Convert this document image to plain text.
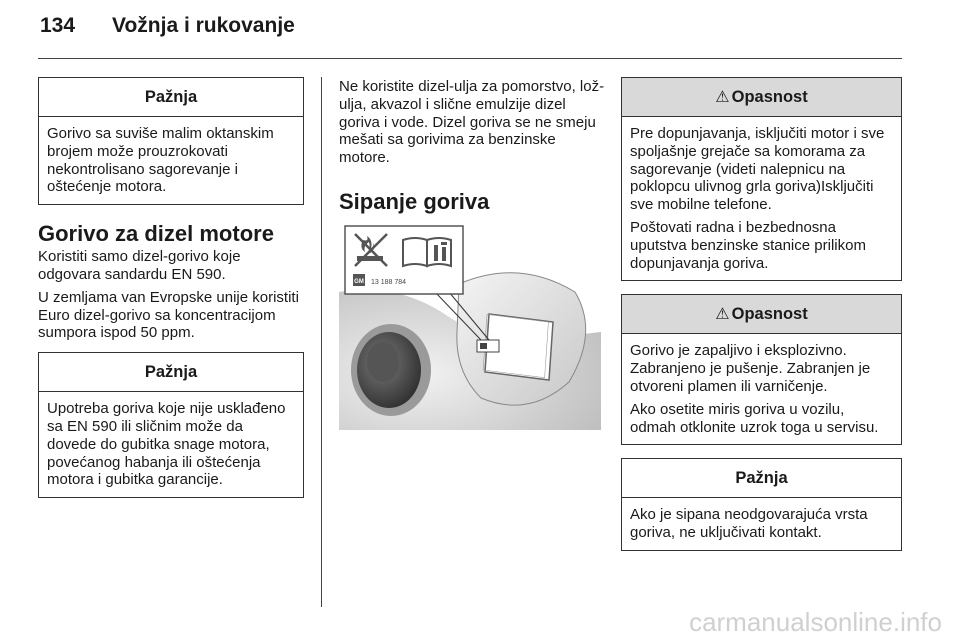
134 Vožnja i rukovanje
Pažnja

Gorivo sa suviše malim oktanskim brojem može prouzrokovati nekontrolisano sagorevanje i oštećenje motora.

Gorivo za dizel motore

Koristiti samo dizel-gorivo koje odgovara sandardu EN 590.

U zemljama van Evropske unije koristiti Euro dizel-gorivo sa koncentracijom sumpora ispod 50 ppm.

Pažnja

Upotreba goriva koje nije usklađeno sa EN 590 ili sličnim može da dovede do gubitka snage motora, povećanog habanja ili oštećenja motora i gubitka garancije.

Ne koristite dizel-ulja za pomorstvo, lož-ulja, akvazol i slične emulzije dizel goriva i vode. Dizel goriva se ne smeju mešati sa gorivima za benzinske motore.

Sipanje goriva
GM 13 188 784
⚠ Opasnost

Pre dopunjavanja, isključiti motor i sve spoljašnje grejače sa komorama za sagorevanje (videti nalepnicu na poklopcu ulivnog grla goriva)Isključiti sve mobilne telefone.

Poštovati radna i bezbednosna uputstva benzinske stanice prilikom dopunjavanja goriva.

⚠ Opasnost

Gorivo je zapaljivo i eksplozivno. Zabranjeno je pušenje. Zabranjen je otvoreni plamen ili varničenje.

Ako osetite miris goriva u vozilu, odmah otklonite uzrok toga u servisu.

Pažnja

Ako je sipana neodgovarajuća vrsta goriva, ne uključivati kontakt.

carmanualsonline.info
